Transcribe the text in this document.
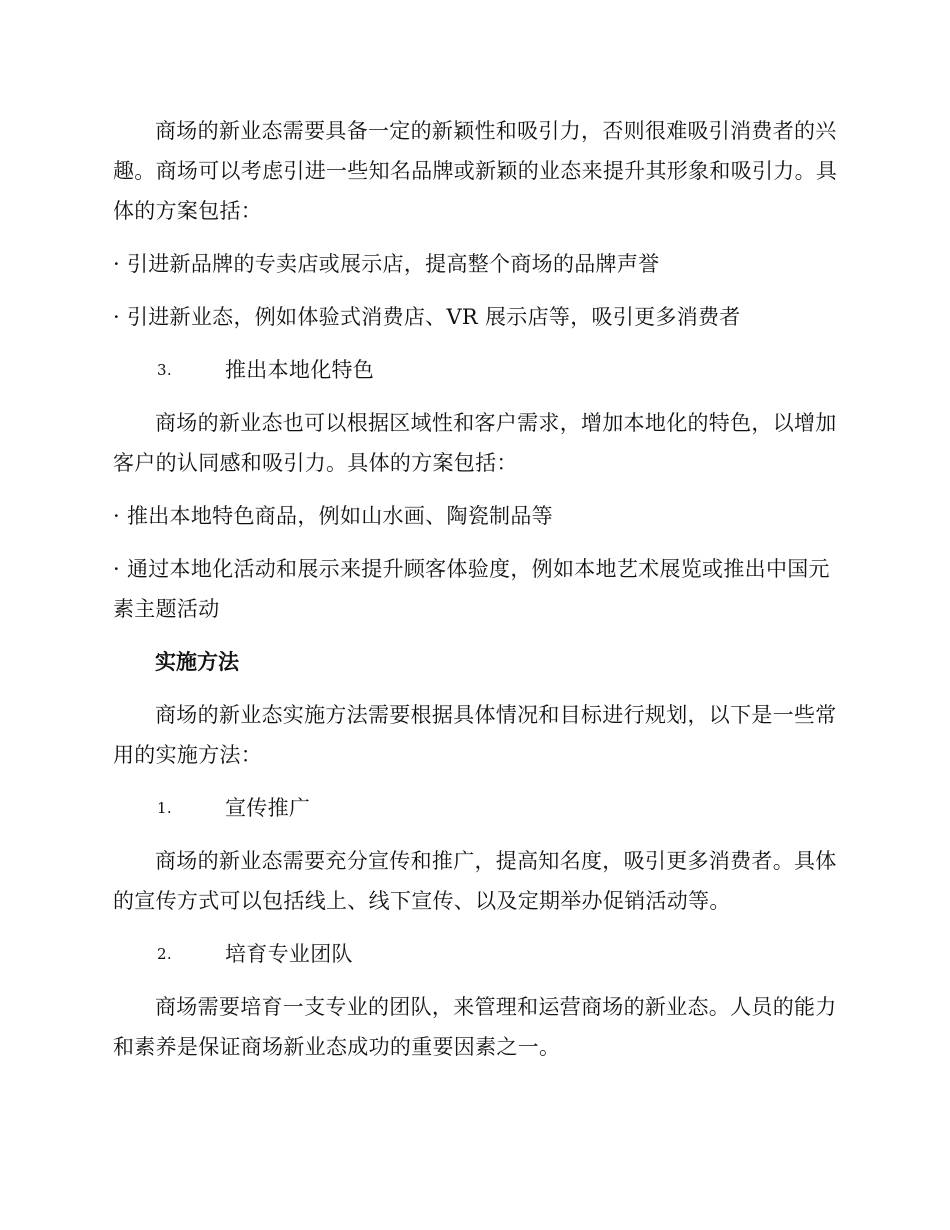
商场的新业态需要具备一定的新颖性和吸引力，否则很难吸引消费者的兴趣。商场可以考虑引进一些知名品牌或新颖的业态来提升其形象和吸引力。具体的方案包括：

· 引进新品牌的专卖店或展示店，提高整个商场的品牌声誉

· 引进新业态，例如体验式消费店、VR 展示店等，吸引更多消费者

3.	推出本地化特色

商场的新业态也可以根据区域性和客户需求，增加本地化的特色，以增加客户的认同感和吸引力。具体的方案包括：

· 推出本地特色商品，例如山水画、陶瓷制品等

· 通过本地化活动和展示来提升顾客体验度，例如本地艺术展览或推出中国元素主题活动

实施方法

商场的新业态实施方法需要根据具体情况和目标进行规划，以下是一些常用的实施方法：

1.	宣传推广

商场的新业态需要充分宣传和推广，提高知名度，吸引更多消费者。具体的宣传方式可以包括线上、线下宣传、以及定期举办促销活动等。

2.	培育专业团队

商场需要培育一支专业的团队，来管理和运营商场的新业态。人员的能力和素养是保证商场新业态成功的重要因素之一。
